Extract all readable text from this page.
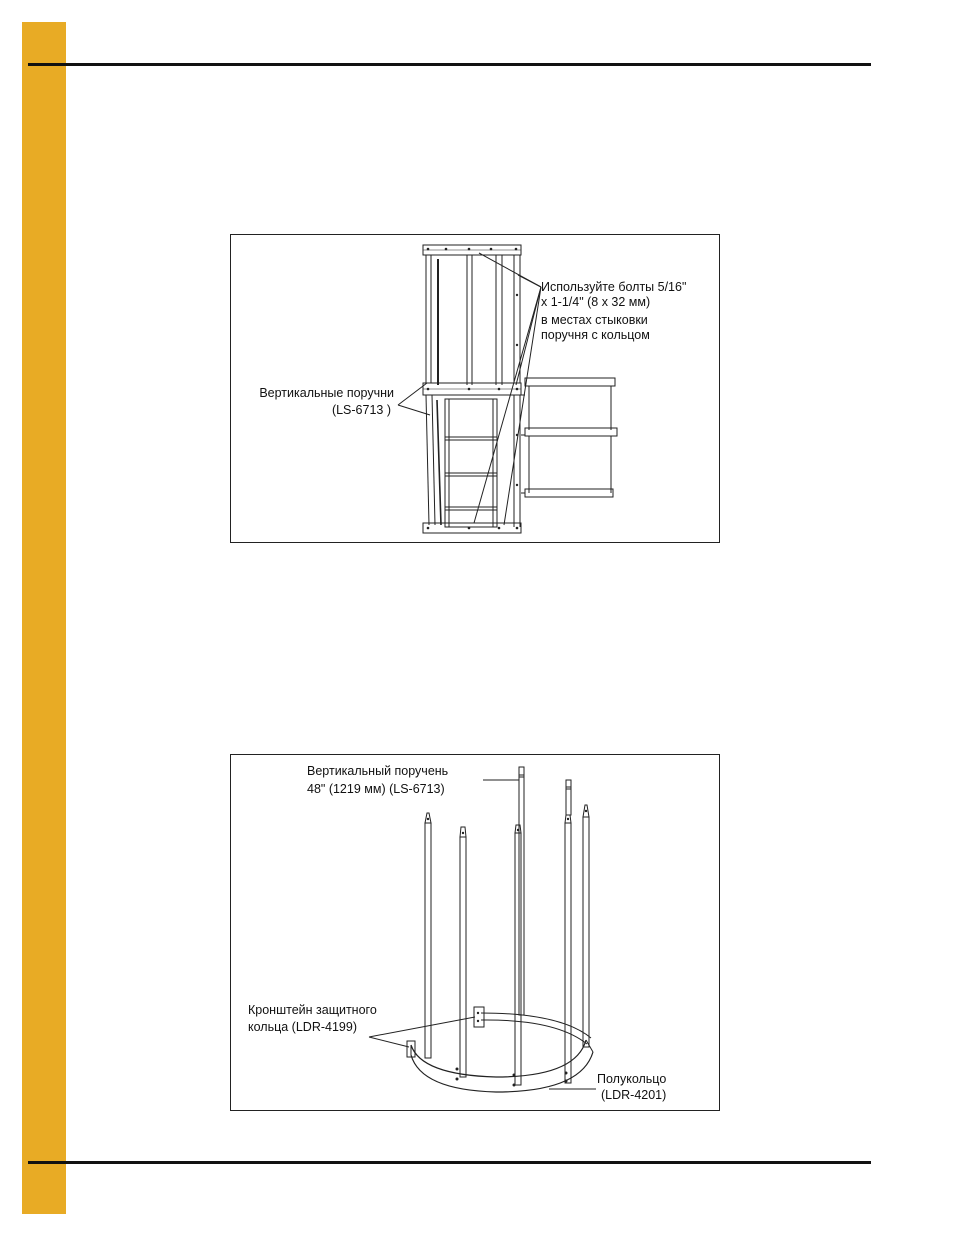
Используйте болты 5/16"
x 1-1/4" (8 x 32 мм)
в местах стыковки
поручня с кольцом
Вертикальные поручни
(LS-6713 )
Вертикальный поручень
48" (1219 мм) (LS-6713)
Кронштейн защитного
кольца (LDR-4199)
Полукольцо
(LDR-4201)
